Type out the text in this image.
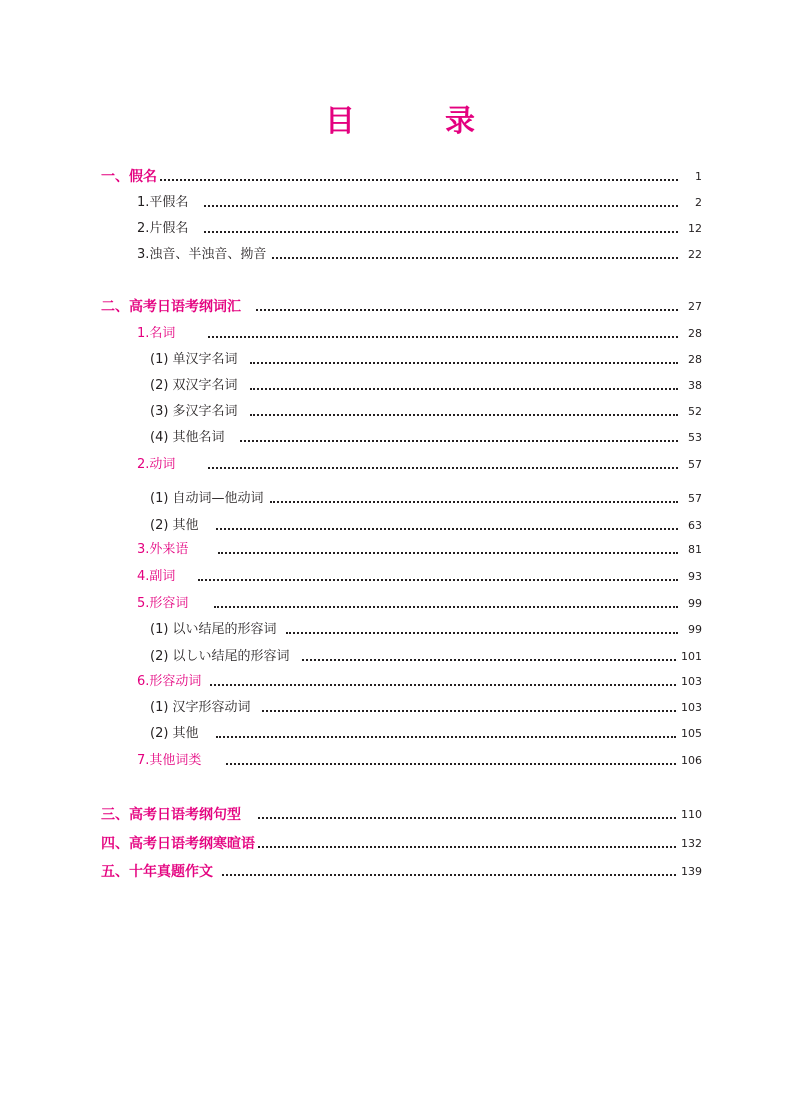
目　录
一、假名	1
1.平假名	2
2.片假名	12
3.浊音、半浊音、拗音	22
二、高考日语考纲词汇	27
1.名词	28
(1) 单汉字名词	28
(2) 双汉字名词	38
(3) 多汉字名词	52
(4) 其他名词	53
2.动词	57
(1) 自动词—他动词	57
(2) 其他	63
3.外来语	81
4.副词	93
5.形容词	99
(1) 以い结尾的形容词	99
(2) 以しい结尾的形容词	101
6.形容动词	103
(1) 汉字形容动词	103
(2) 其他	105
7.其他词类	106
三、高考日语考纲句型	110
四、高考日语考纲寒暄语	132
五、十年真题作文	139
